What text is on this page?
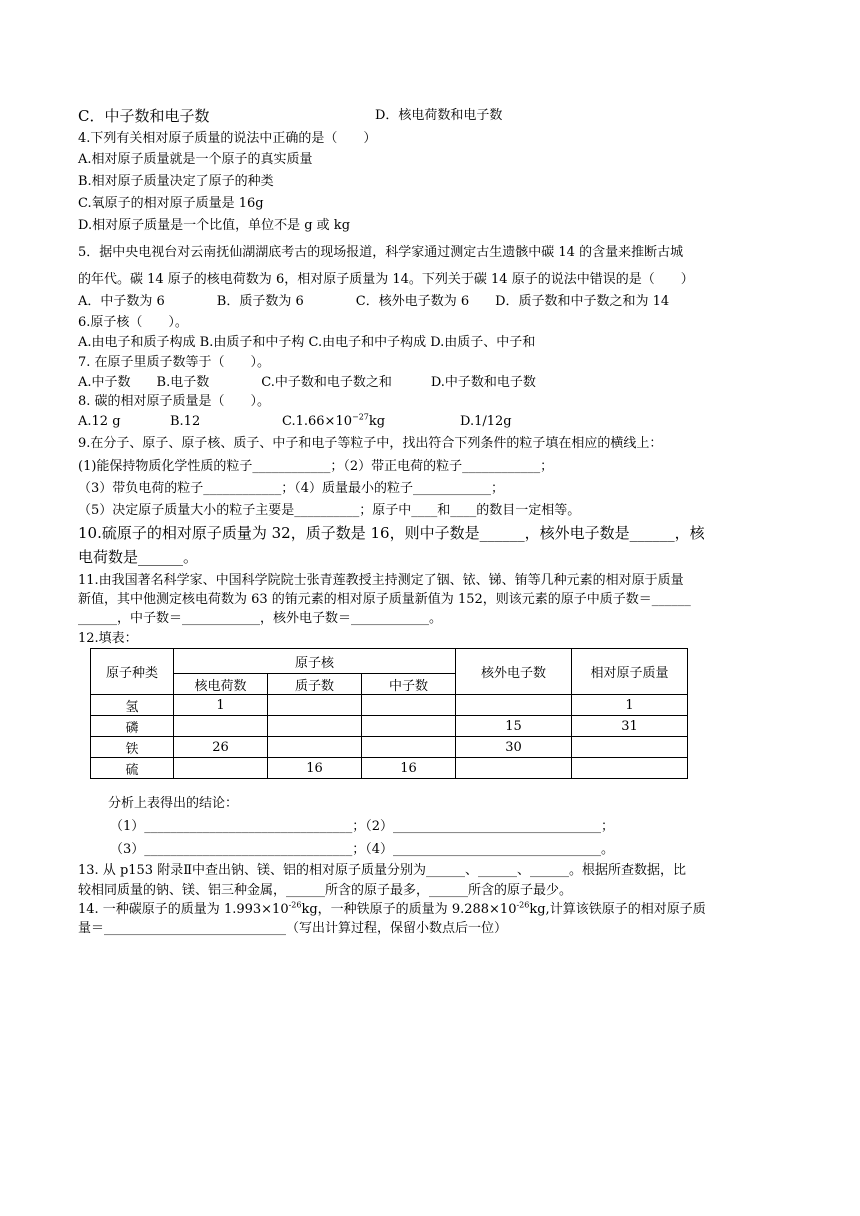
C．中子数和电子数	D．核电荷数和电子数
4.下列有关相对原子质量的说法中正确的是（　　）
A.相对原子质量就是一个原子的真实质量
B.相对原子质量决定了原子的种类
C.氧原子的相对原子质量是 16g
D.相对原子质量是一个比值，单位不是 g 或 kg
5．据中央电视台对云南抚仙湖湖底考古的现场报道，科学家通过测定古生遗骸中碳 14 的含量来推断古城
的年代。碳 14 原子的核电荷数为 6，相对原子质量为 14。下列关于碳 14 原子的说法中错误的是（　　）
A．中子数为 6　　　　B．质子数为 6　　　　C．核外电子数为 6　　D．质子数和中子数之和为 14
6.原子核（　　）。
A.由电子和质子构成 B.由质子和中子构 C.由电子和中子构成 D.由质子、中子和
7. 在原子里质子数等于（　　）。
A.中子数　　B.电子数　　　　C.中子数和电子数之和　　　D.中子数和电子数
8. 碳的相对原子质量是（　　）。
A.12 g	B.12	$C.1.66\times 10^{-27}kg$	D.1/12g
9.在分子、原子、原子核、质子、中子和电子等粒子中，找出符合下列条件的粒子填在相应的横线上：
(1)能保持物质化学性质的粒子____________；（2）带正电荷的粒子____________；
（3）带负电荷的粒子____________；（4）质量最小的粒子____________；
（5）决定原子质量大小的粒子主要是__________；原子中____和____的数目一定相等。
10.硫原子的相对原子质量为 32，质子数是 16，则中子数是______，核外电子数是______，核
电荷数是______。
11.由我国著名科学家、中国科学院院士张青莲教授主持测定了铟、铱、锑、铕等几种元素的相对原于质量
新值，其中他测定核电荷数为 63 的铕元素的相对原子质量新值为 152，则该元素的原子中质子数＝______
______，中子数＝____________，核外电子数＝____________。
12.填表：
原子种类	原子核			核外电子数	相对原子质量
	核电荷数	质子数	中子数		
氢	1				1
磷				15	31
铁	26			30	
硫		16	16		
分析上表得出的结论：
（1）________________________________；（2）________________________________；
（3）________________________________；（4）________________________________。
13. 从 p153 附录Ⅱ中查出钠、镁、铝的相对原子质量分别为______、______、______。根据所查数据，比
较相同质量的钠、镁、铝三种金属，______所含的原子最多，______所含的原子最少。
14. 一种碳原子的质量为 $1.993\times 10^{-26}kg$，一种铁原子的质量为 $9.288\times 10^{-26}kg$,计算该铁原子的相对原子质
量＝____________________________（写出计算过程，保留小数点后一位）
